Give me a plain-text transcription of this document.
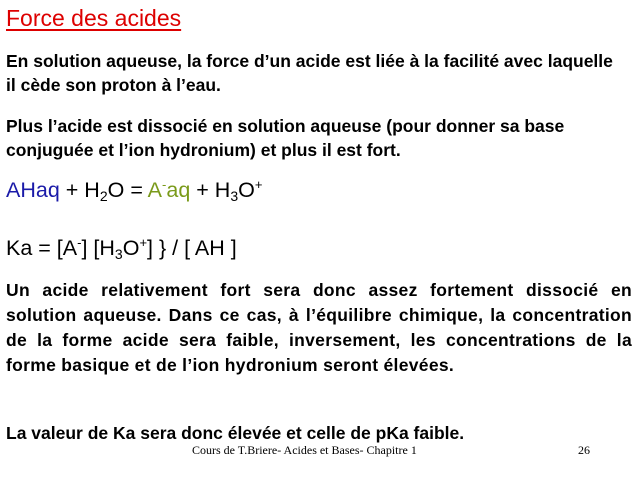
Force des acides

En solution aqueuse, la force d’un acide est liée à la facilité avec laquelle il cède son proton à l’eau.

Plus l’acide est dissocié en solution aqueuse (pour donner sa base conjuguée et l’ion hydronium) et plus il est fort.

AHaq + $H_2O = A^-aq + H_3O^+$
Ka = [A-] $[H_3O^+]$ } / [ AH ]

Un acide relativement fort sera donc assez fortement dissocié en solution aqueuse. Dans ce cas, à l’équilibre chimique, la concentration de la forme acide sera faible, inversement, les concentrations de la forme basique et de l’ion hydronium seront élevées.

La valeur de Ka sera donc élevée et celle de pKa faible.

Cours de T.Briere- Acides et Bases- Chapitre 1	26
